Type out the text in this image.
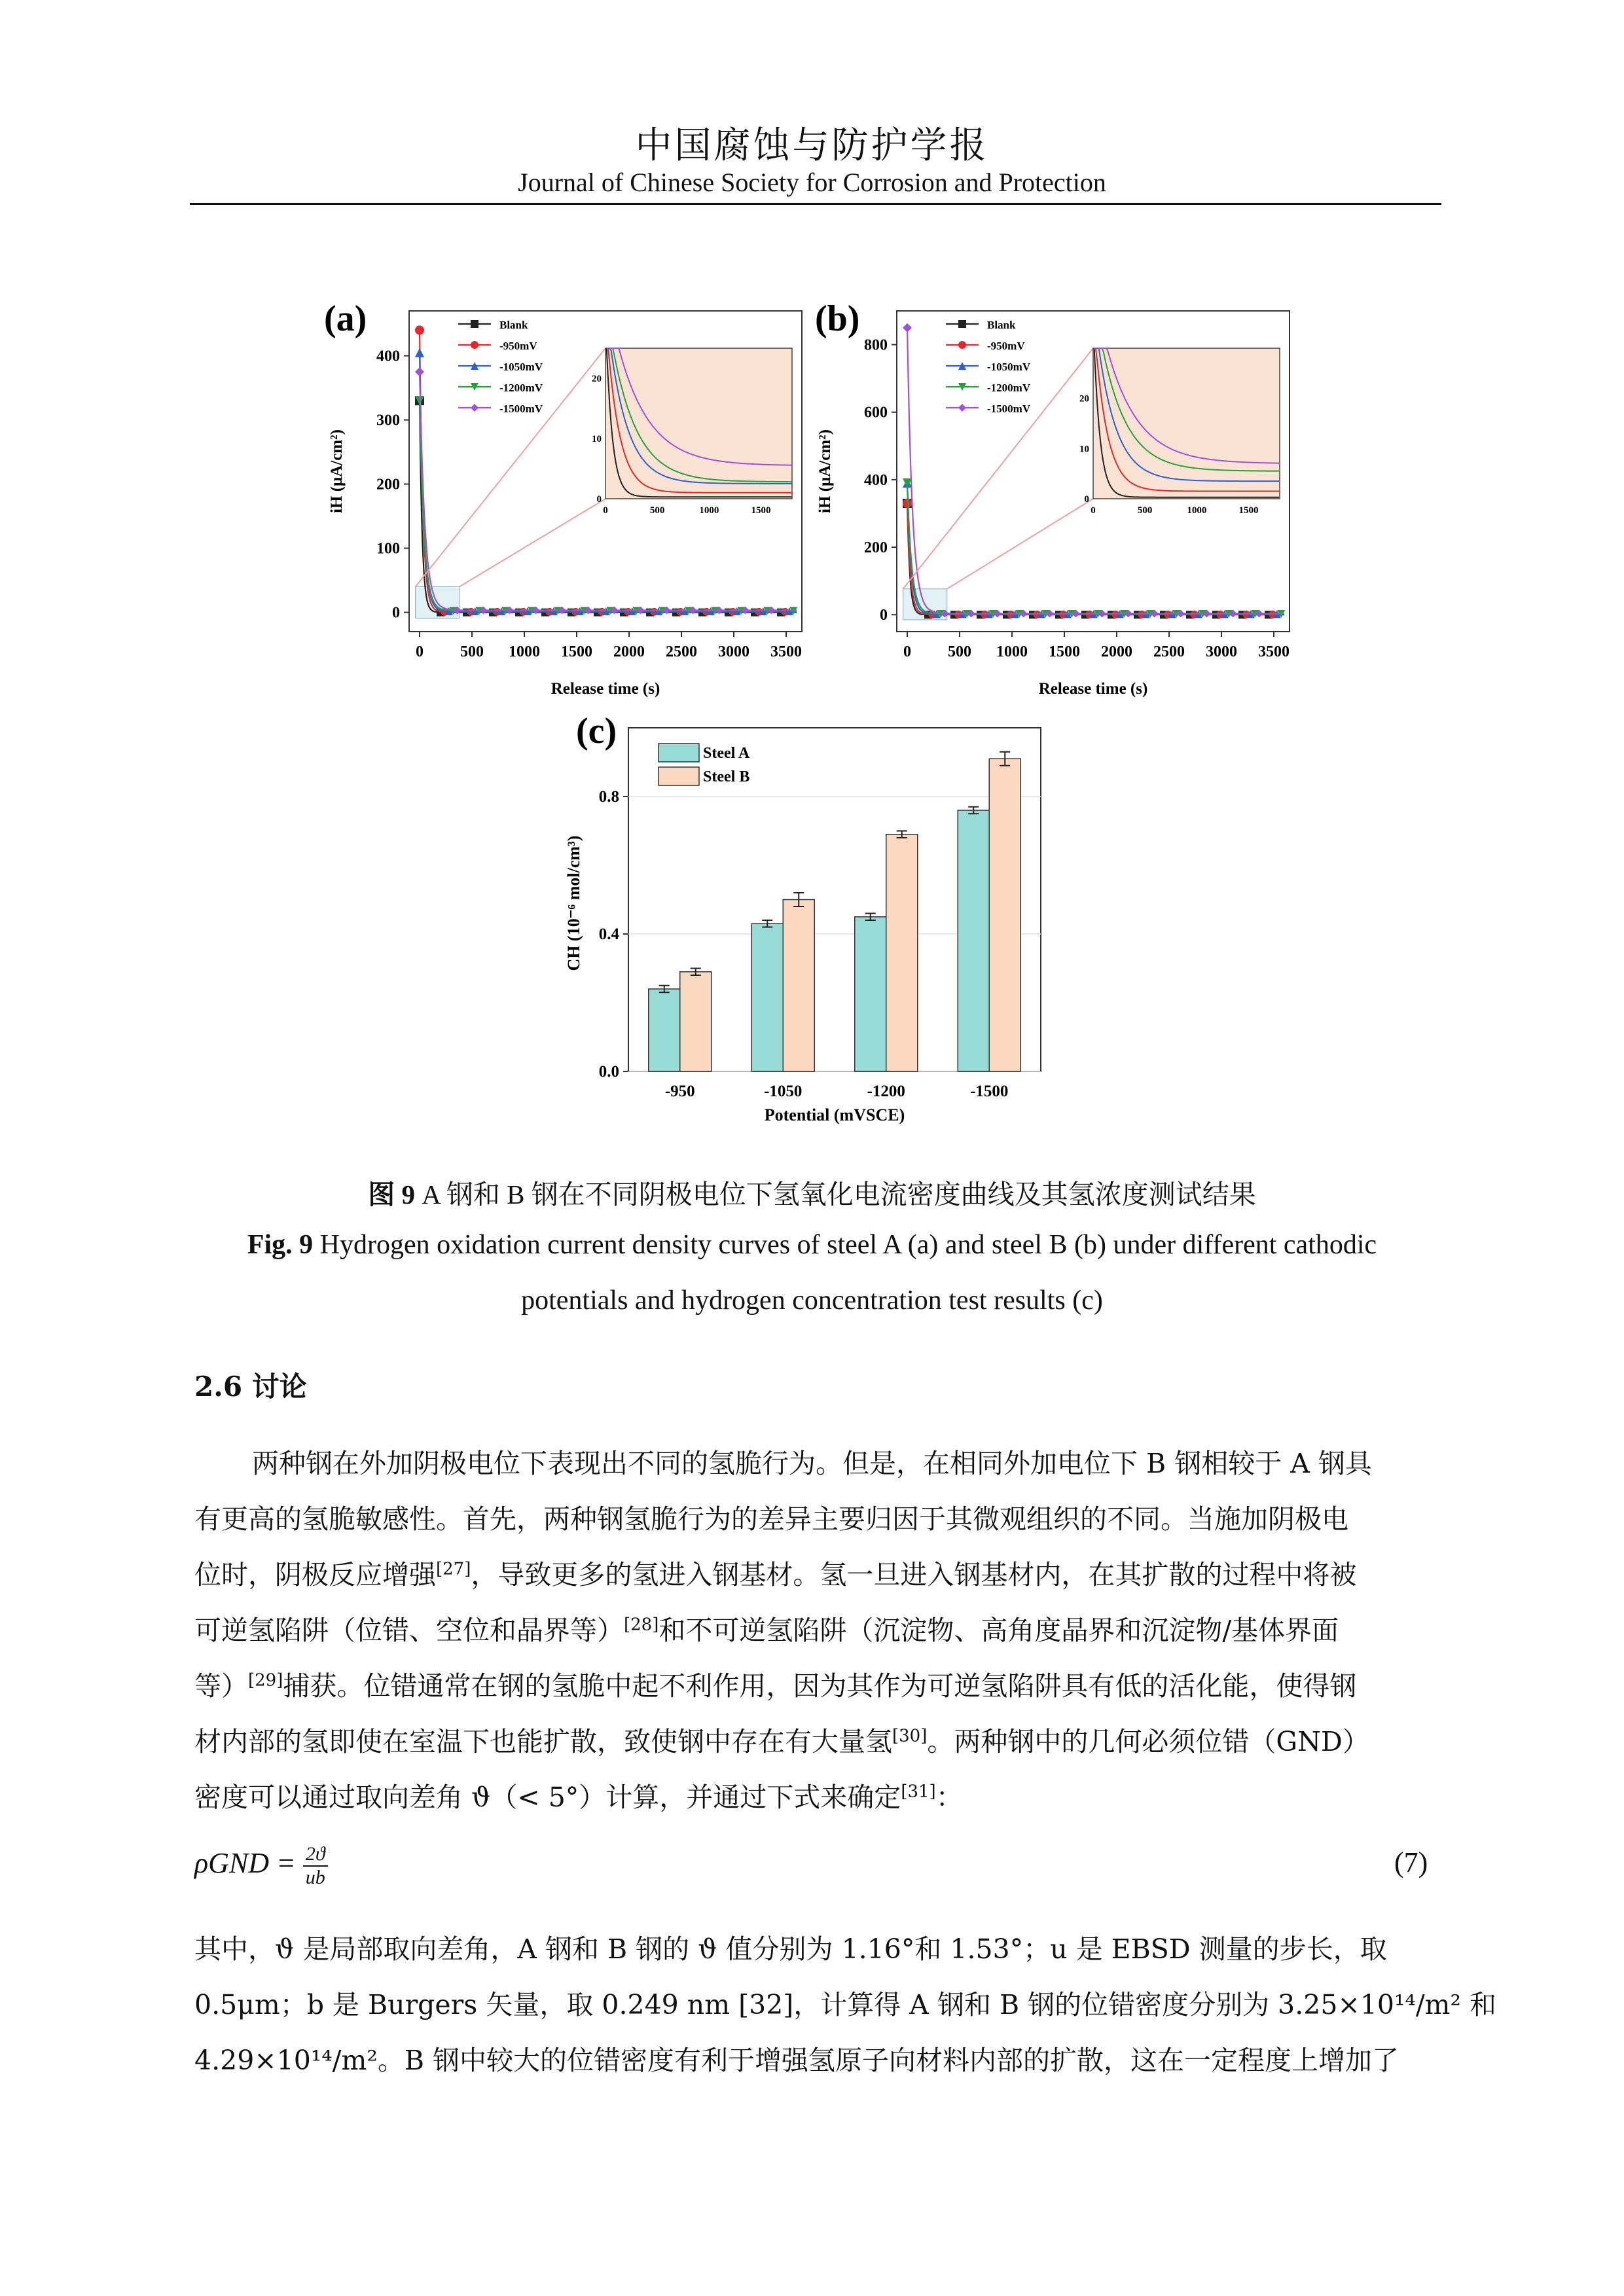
中国腐蚀与防护学报
Journal of Chinese Society for Corrosion and Protection
(a)
0 500 1000 1500 2000 2500 3000 3500
0
100
200
300
400
Blank
-950mV
-1050mV
-1200mV
-1500mV
0	500	1000	1500
0
10
20
Release time (s)
iH (μA/cm²)
(b)
0 500 1000 1500 2000 2500 3000 3500
0
200
400
600
800
Blank
-950mV
-1050mV
-1200mV
-1500mV
0	500	1000	1500
0
10
20
Release time (s)
iH (μA/cm²)
(c)
-950	-1050	-1200	-1500
0.0
0.4
0.8
Steel A
Steel B
Potential (mVSCE)
CH (10⁻⁶ mol/cm³)
图 9 A 钢和 B 钢在不同阴极电位下氢氧化电流密度曲线及其氢浓度测试结果
Fig. 9 Hydrogen oxidation current density curves of steel A (a) and steel B (b) under different cathodic
potentials and hydrogen concentration test results (c)
2.6 讨论
两种钢在外加阴极电位下表现出不同的氢脆行为。但是，在相同外加电位下 B 钢相较于 A 钢具
有更高的氢脆敏感性。首先，两种钢氢脆行为的差异主要归因于其微观组织的不同。当施加阴极电
位时，阴极反应增强[27]，导致更多的氢进入钢基材。氢一旦进入钢基材内，在其扩散的过程中将被
可逆氢陷阱（位错、空位和晶界等）[28]和不可逆氢陷阱（沉淀物、高角度晶界和沉淀物/基体界面
等）[29]捕获。位错通常在钢的氢脆中起不利作用，因为其作为可逆氢陷阱具有低的活化能，使得钢
材内部的氢即使在室温下也能扩散，致使钢中存在有大量氢[30]。两种钢中的几何必须位错（GND）
密度可以通过取向差角 ϑ（< 5°）计算，并通过下式来确定[31]：
$\rho GND = \frac{2ϑ}{ub}$	(7)
其中，ϑ 是局部取向差角，A 钢和 B 钢的 ϑ 值分别为 1.16°和 1.53°；u 是 EBSD 测量的步长，取
0.5μm；b 是 Burgers 矢量，取 0.249 nm [32]，计算得 A 钢和 B 钢的位错密度分别为 3.25×10¹⁴/m² 和
4.29×10¹⁴/m²。B 钢中较大的位错密度有利于增强氢原子向材料内部的扩散，这在一定程度上增加了
